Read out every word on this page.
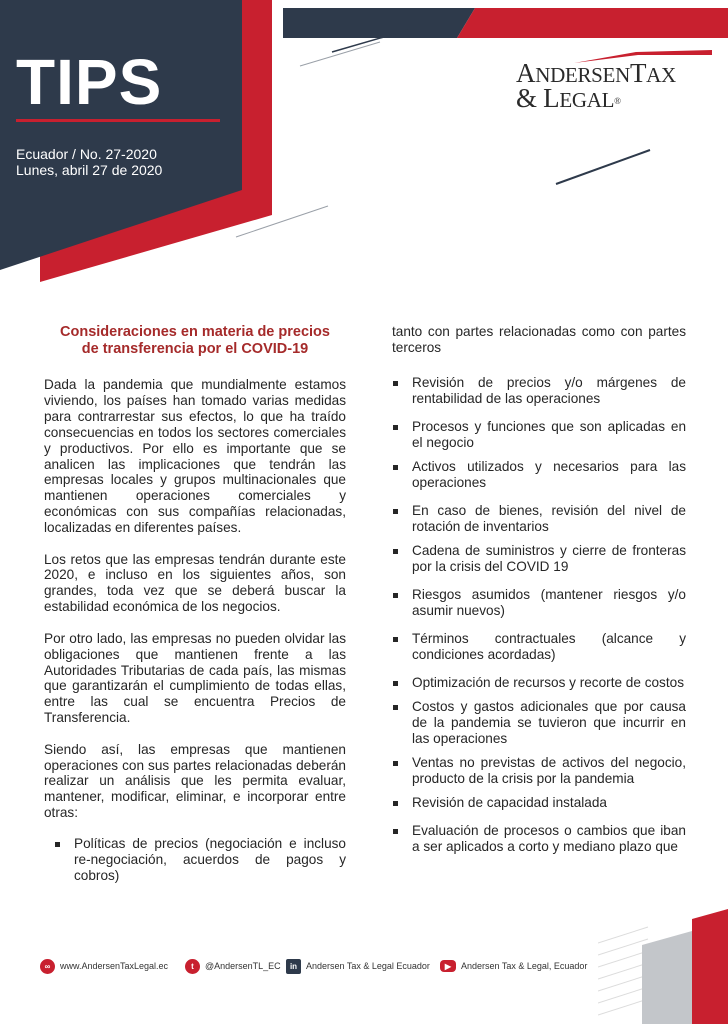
TIPS
Ecuador / No. 27-2020
Lunes, abril 27 de 2020
ANDERSENTAX
& LEGAL®
Consideraciones en materia de precios
de transferencia por el COVID-19
Dada la pandemia que mundialmente estamos viviendo, los países han tomado varias medidas para contrarrestar sus efectos, lo que ha traído consecuencias en todos los sectores comerciales y productivos. Por ello es importante que se analicen las implicaciones que tendrán las empresas locales y grupos multinacionales que mantienen operaciones comerciales y económicas con sus compañías relacionadas, localizadas en diferentes países.
Los retos que las empresas tendrán durante este 2020, e incluso en los siguientes años, son grandes, toda vez que se deberá buscar la estabilidad económica de los negocios.
Por otro lado, las empresas no pueden olvidar las obligaciones que mantienen frente a las Autoridades Tributarias de cada país, las mismas que garantizarán el cumplimiento de todas ellas, entre las cual se encuentra Precios de Transferencia.
Siendo así, las empresas que mantienen operaciones con sus partes relacionadas deberán realizar un análisis que les permita evaluar, mantener, modificar, eliminar, e incorporar entre otras:
Políticas de precios (negociación e incluso re-negociación, acuerdos de pagos y cobros)
tanto con partes relacionadas como con partes terceros
Revisión de precios y/o márgenes de rentabilidad de las operaciones
Procesos y funciones que son aplicadas en el negocio
Activos utilizados y necesarios para las operaciones
En caso de bienes, revisión del nivel de rotación de inventarios
Cadena de suministros y cierre de fronteras por la crisis del COVID 19
Riesgos asumidos (mantener riesgos y/o asumir nuevos)
Términos contractuales (alcance y condiciones acordadas)
Optimización de recursos y recorte de costos
Costos y gastos adicionales que por causa de la pandemia se tuvieron que incurrir en las operaciones
Ventas no previstas de activos del negocio, producto de la crisis por la pandemia
Revisión de capacidad instalada
Evaluación de procesos o cambios que iban a ser aplicados a corto y mediano plazo que
∞	www.AndersenTaxLegal.ec	t	@AndersenTL_EC	in Andersen Tax & Legal Ecuador	▶	Andersen Tax & Legal, Ecuador
